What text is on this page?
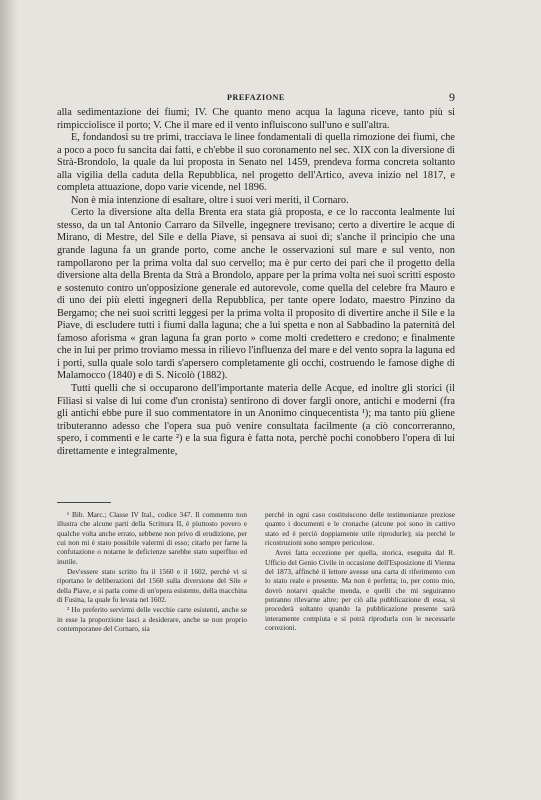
PREFAZIONE	9

alla sedimentazione dei fiumi; IV. Che quanto meno acqua la laguna riceve, tanto più si rimpicciolisce il porto; V. Che il mare ed il vento influiscono sull'uno e sull'altra.

E, fondandosi su tre primi, tracciava le linee fondamentali di quella rimozione dei fiumi, che a poco a poco fu sancita dai fatti, e ch'ebbe il suo coronamento nel sec. XIX con la diversione di Strà-Brondolo, la quale da lui proposta in Senato nel 1459, prendeva forma concreta soltanto alla vigilia della caduta della Repubblica, nel progetto dell'Artico, aveva inizio nel 1817, e completa attuazione, dopo varie vicende, nel 1896.

Non è mia intenzione di esaltare, oltre i suoi veri meriti, il Cornaro.

Certo la diversione alta della Brenta era stata già proposta, e ce lo racconta lealmente lui stesso, da un tal Antonio Carraro da Silvelle, ingegnere trevisano; certo a divertire le acque di Mirano, di Mestre, del Sile e della Piave, si pensava ai suoi dì; s'anche il principio che una grande laguna fa un grande porto, come anche le osservazioni sul mare e sul vento, non rampollarono per la prima volta dal suo cervello; ma è pur certo dei pari che il progetto della diversione alta della Brenta da Strà a Brondolo, appare per la prima volta nei suoi scritti esposto e sostenuto contro un'opposizione generale ed autorevole, come quella del celebre fra Mauro e di uno dei più eletti ingegneri della Repubblica, per tante opere lodato, maestro Pinzino da Bergamo; che nei suoi scritti leggesi per la prima volta il proposito di divertire anche il Sile e la Piave, di escludere tutti i fiumi dalla laguna; che a lui spetta e non al Sabbadino la paternità del famoso aforisma « gran laguna fa gran porto » come molti credettero e credono; e finalmente che in lui per primo troviamo messa in rilievo l'influenza del mare e del vento sopra la laguna ed i porti, sulla quale solo tardi s'apersero completamente gli occhi, costruendo le famose dighe di Malamocco (1840) e di S. Nicolò (1882).

Tutti quelli che si occuparono dell'importante materia delle Acque, ed inoltre gli storici (il Filiasi si valse di lui come d'un cronista) sentirono di dover fargli onore, antichi e moderni (fra gli antichi ebbe pure il suo commentatore in un Anonimo cinquecentista ¹); ma tanto più gliene tributeranno adesso che l'opera sua può venire consultata facilmente (a ciò concorreranno, spero, i commenti e le carte ²) e la sua figura è fatta nota, perchè pochi conobbero l'opera di lui direttamente e integralmente,

¹ Bib. Marc.; Classe IV Ital., codice 347. Il commento non illustra che alcune parti della Scrittura II, è piuttosto povero e qualche volta anche errato, sebbene non privo di erudizione, per cui non mi è stato possibile valermi di esso; citarlo per farne la confutazione o notarne le deficienze sarebbe stato superfluo ed inutile.

Dev'essere stato scritto fra il 1560 e il 1602, perchè vi si riportano le deliberazioni del 1560 sulla diversione del Sile e della Piave, e si parla come di un'opera esistente, della macchina di Fusina, la quale fu levata nel 1602.

² Ho preferito servirmi delle vecchie carte esistenti, anche se in esse la proporzione lasci a desiderare, anche se non proprio contemporanee del Cornaro, sia

perchè in ogni caso costituiscono delle testimonianze preziose quanto i documenti e le cronache (alcune poi sono in cattivo stato ed è perciò doppiamente utile riprodurle); sia perchè le ricostruzioni sono sempre pericolose.

Avrei fatta eccezione per quella, storica, eseguita dal R. Ufficio del Genio Civile in occasione dell'Esposizione di Vienna del 1873, affinchè il lettore avesse una carta di riferimento con lo stato reale e presente. Ma non è perfetta; io, per conto mio, dovrò notarvi qualche menda, e quelli che mi seguiranno potranno rilevarne altre; per ciò alla pubblicazione di essa, si procederà soltanto quando la pubblicazione presente sarà interamente compiuta e si potrà riprodurla con le necessarie correzioni.
